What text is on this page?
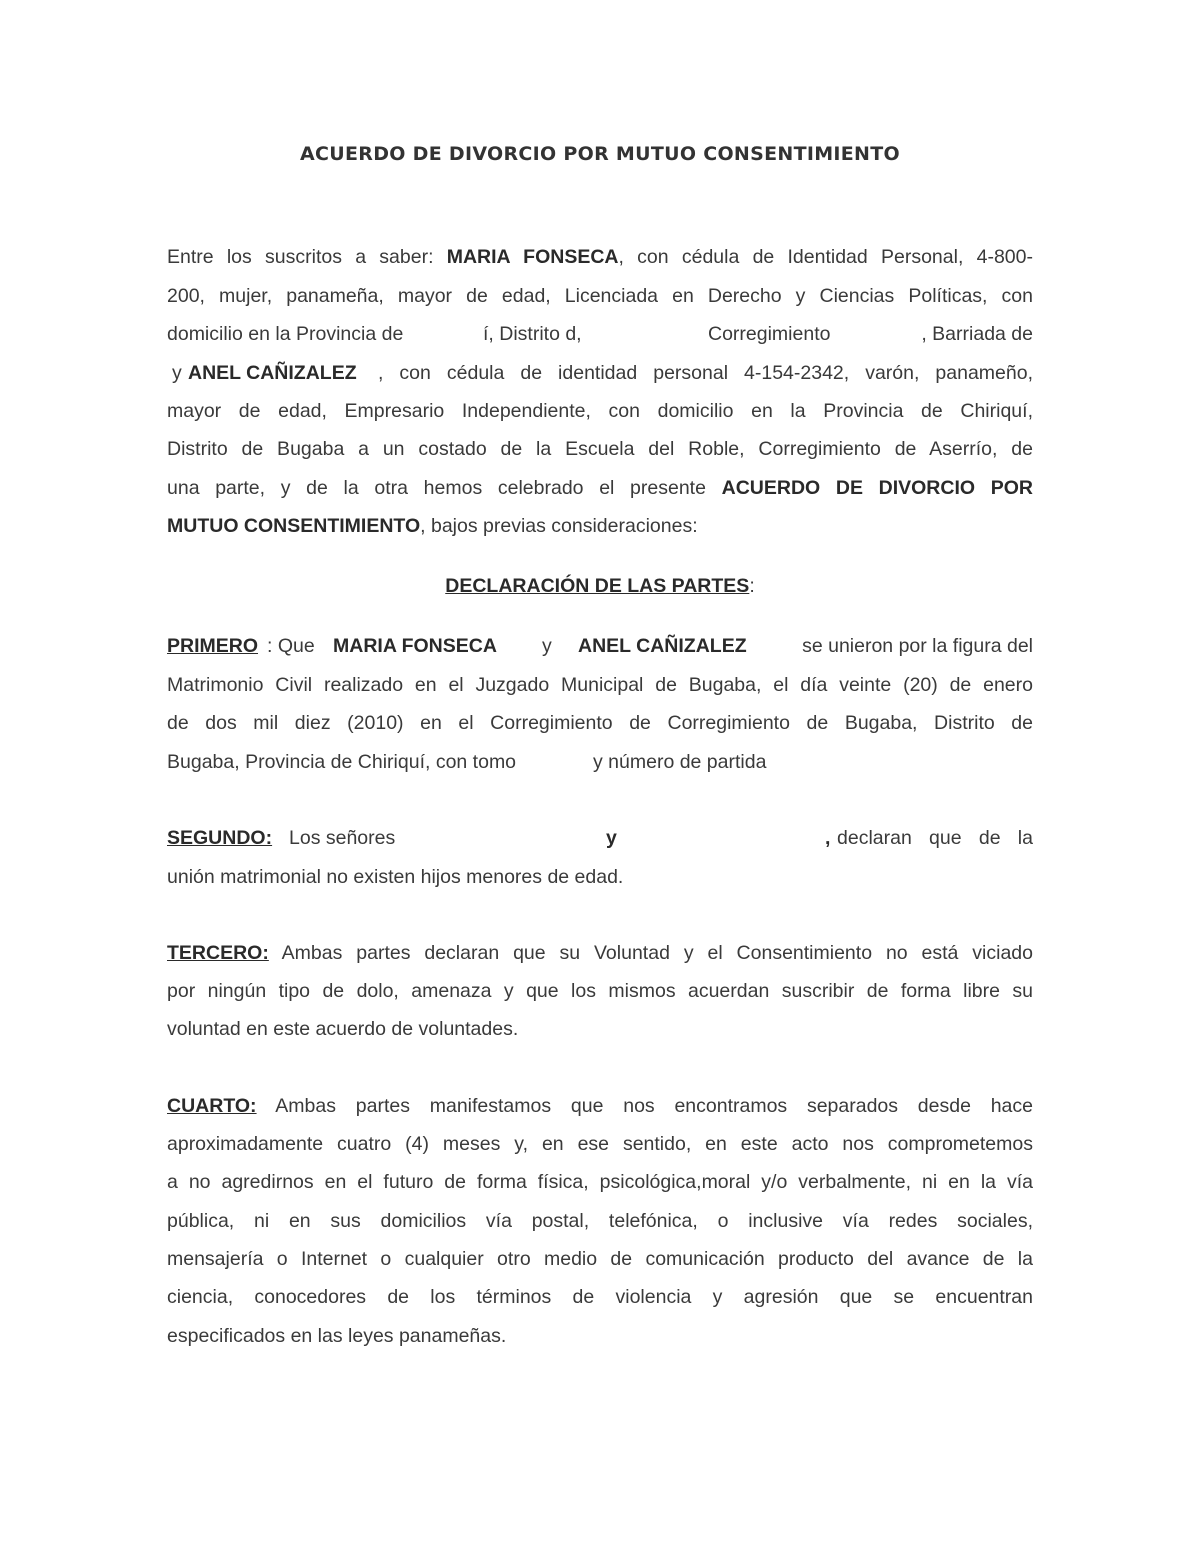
ACUERDO DE DIVORCIO POR MUTUO CONSENTIMIENTO
Entre los suscritos a saber: MARIA FONSECA, con cédula de Identidad Personal, 4-800-
200, mujer, panameña, mayor de edad, Licenciada en Derecho y Ciencias Políticas, con
domicilio en la Provincia de	í, Distrito d,	Corregimiento	, Barriada de
y ANEL CAÑIZALEZ , con cédula de identidad personal 4-154-2342, varón, panameño,
mayor de edad, Empresario Independiente, con domicilio en la Provincia de Chiriquí,
Distrito de Bugaba a un costado de la Escuela del Roble, Corregimiento de Aserrío, de
una parte, y de la otra hemos celebrado el presente ACUERDO DE DIVORCIO POR
MUTUO CONSENTIMIENTO, bajos previas consideraciones:
DECLARACIÓN DE LAS PARTES:
PRIMERO : Que MARIA FONSECA y ANEL CAÑIZALEZ	se unieron por la figura del
Matrimonio Civil realizado en el Juzgado Municipal de Bugaba, el día veinte (20) de enero
de dos mil diez (2010) en el Corregimiento de Corregimiento de Bugaba, Distrito de
Bugaba, Provincia de Chiriquí, con tomo	y número de partida
SEGUNDO: Los señores	y	, declaran que de la
unión matrimonial no existen hijos menores de edad.
TERCERO: Ambas partes declaran que su Voluntad y el Consentimiento no está viciado
por ningún tipo de dolo, amenaza y que los mismos acuerdan suscribir de forma libre su
voluntad en este acuerdo de voluntades.
CUARTO: Ambas partes manifestamos que nos encontramos separados desde hace
aproximadamente cuatro (4) meses y, en ese sentido, en este acto nos comprometemos
a no agredirnos en el futuro de forma física, psicológica,moral y/o verbalmente, ni en la vía
pública, ni en sus domicilios vía postal, telefónica, o inclusive vía redes sociales,
mensajería o Internet o cualquier otro medio de comunicación producto del avance de la
ciencia, conocedores de los términos de violencia y agresión que se encuentran
especificados en las leyes panameñas.
